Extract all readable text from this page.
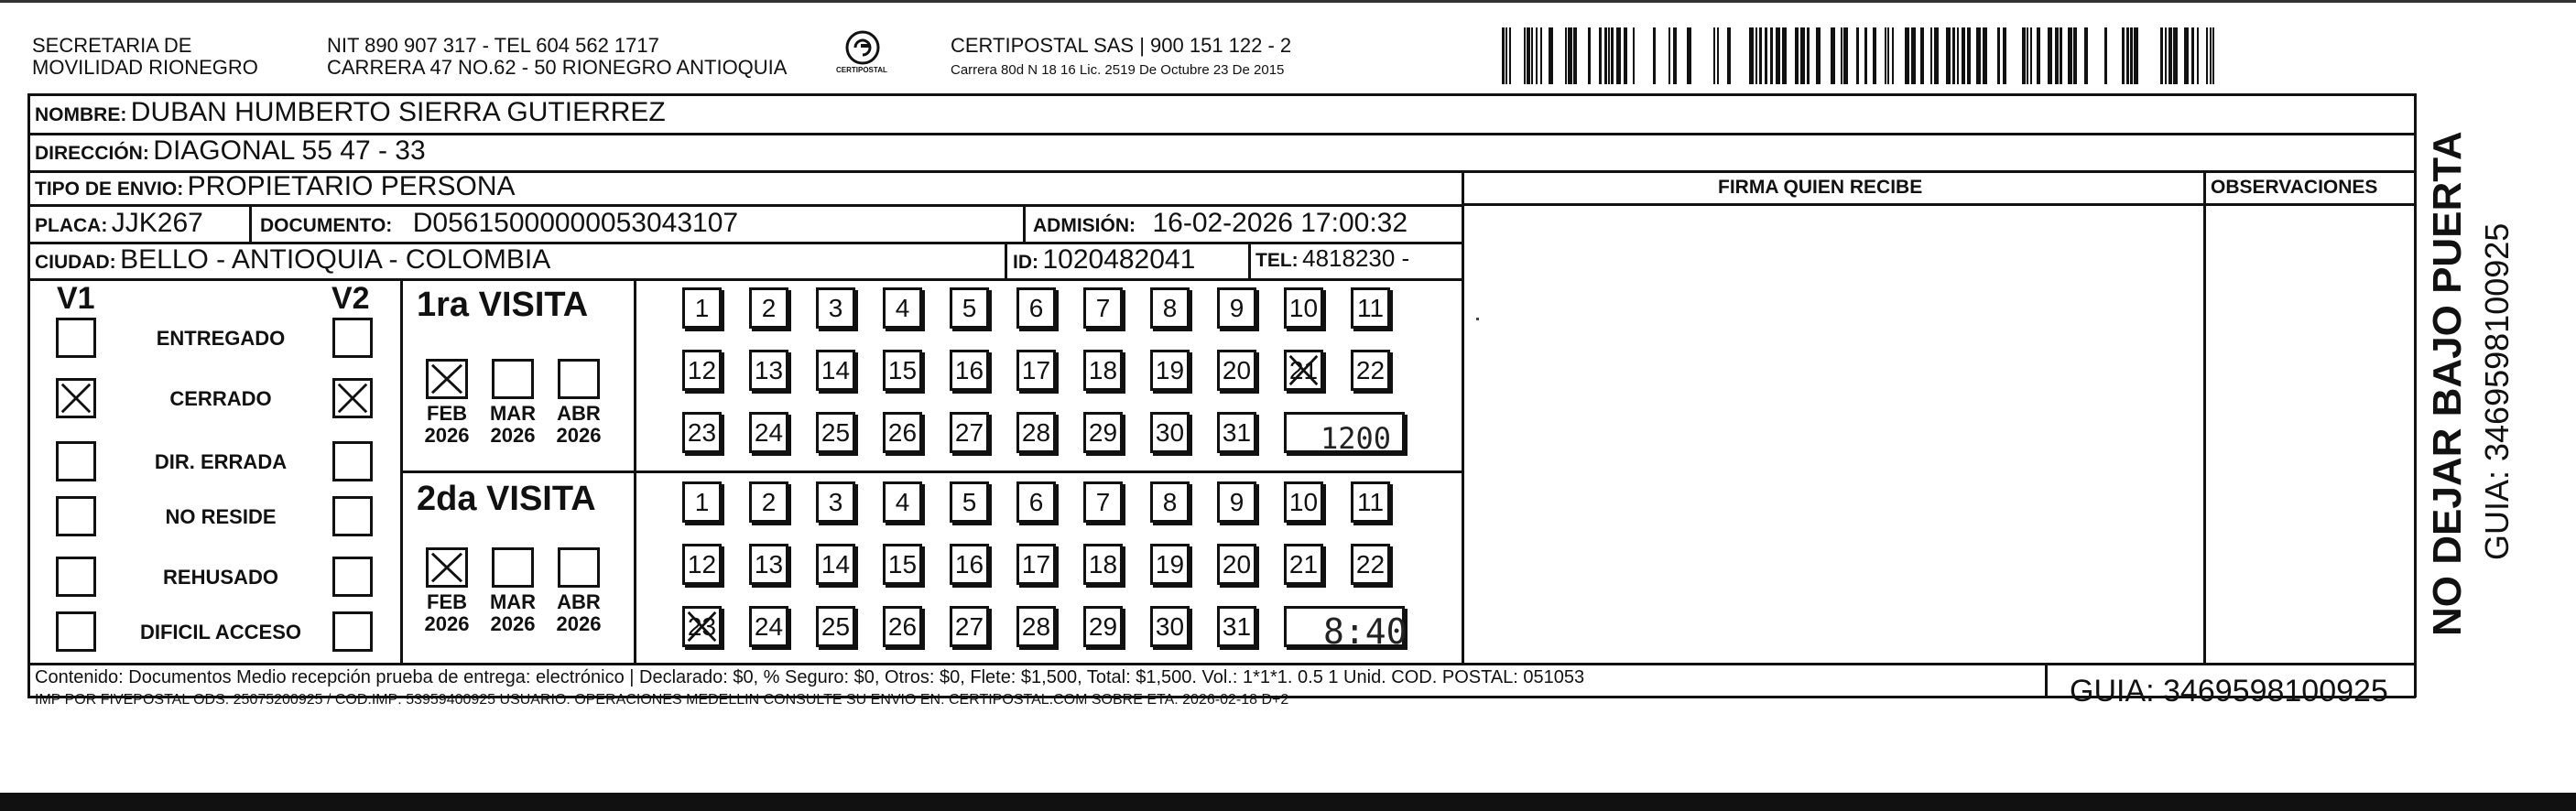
SECRETARIA DE
MOVILIDAD RIONEGRO
NIT 890 907 317 - TEL 604 562 1717
CARRERA 47 NO.62 - 50 RIONEGRO ANTIOQUIA	CERTIPOSTAL
CERTIPOSTAL SAS | 900 151 122 - 2
Carrera 80d N 18 16 Lic. 2519 De Octubre 23 De 2015
NOMBRE: DUBAN HUMBERTO SIERRA GUTIERREZ
DIRECCIÓN: DIAGONAL 55 47 - 33
TIPO DE ENVIO: PROPIETARIO PERSONA	FIRMA QUIEN RECIBE	OBSERVACIONES
PLACA: JJK267	DOCUMENTO: D05615000000053043107	ADMISIÓN: 16-02-2026 17:00:32
CIUDAD: BELLO - ANTIOQUIA - COLOMBIA	ID: 1020482041	TEL: 4818230 -
V1	V2
ENTREGADO
CERRADO
DIR. ERRADA
NO RESIDE
REHUSADO
DIFICIL ACCESO
1ra VISITA
2da VISITA
FEB
2026
MAR
2026
ABR
2026
FEB
2026
MAR
2026
ABR
2026
1	2	3	4	5	6	7	8	9	10 11
12 13 14 15 16 17 18 19 20 21 22
23 24 25 26 27 28 29 30 31
1	2	3	4	5	6	7	8	9	10 11
12 13 14 15 16 17 18 19 20 21 22
23 24 25 26 27 28 29 30 31
1200
8:40
Contenido: Documentos Medio recepción prueba de entrega: electrónico | Declarado: $0, % Seguro: $0, Otros: $0, Flete: $1,500, Total: $1,500. Vol.: 1*1*1. 0.5 1 Unid. COD. POSTAL: 051053
IMP POR FIVEPOSTAL ODS: 25075200925 / COD.IMP: 53959400925 USUARIO: OPERACIONES MEDELLIN CONSULTE SU ENVIO EN: CERTIPOSTAL.COM SOBRE ETA: 2026-02-18 D+2	GUIA: 3469598100925
NO DEJAR BAJO PUERTA GUIA: 3469598100925
